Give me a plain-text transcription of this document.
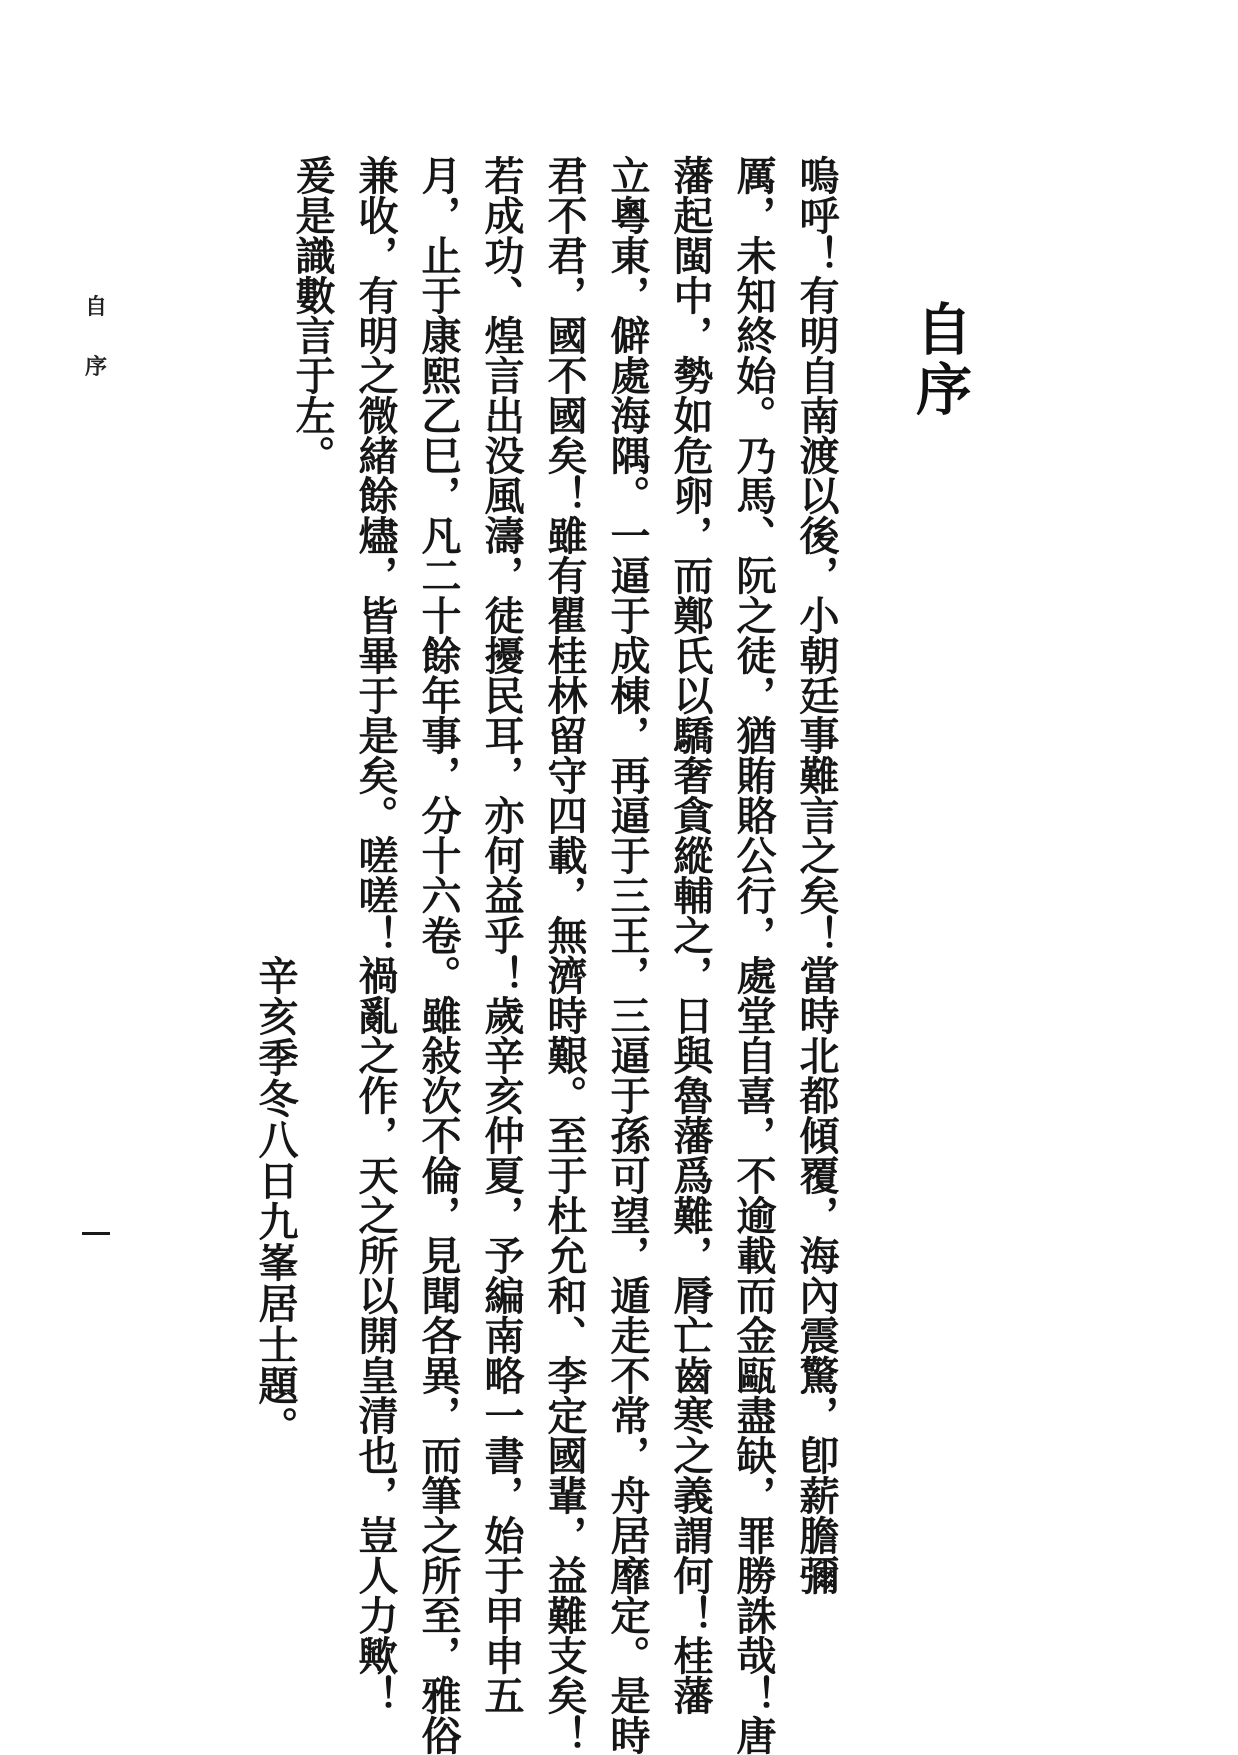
自序
嗚呼！有明自南渡以後，小朝廷事難言之矣！當時北都傾覆，海內震驚，卽薪膽彌
厲，未知終始。乃馬、阮之徒，猶賄賂公行，處堂自喜，不逾載而金甌盡缺，罪勝誅哉！唐
藩起閩中，勢如危卵，而鄭氏以驕奢貪縱輔之，日與魯藩爲難，脣亡齒寒之義謂何！桂藩
立粵東，僻處海隅。一逼于成棟，再逼于三王，三逼于孫可望，遁走不常，舟居靡定。是時
君不君，國不國矣！雖有瞿桂林留守四載，無濟時艱。至于杜允和、李定國輩，益難支矣！
若成功、煌言出没風濤，徒擾民耳，亦何益乎！歲辛亥仲夏，予編南略一書，始于甲申五
月，止于康熙乙巳，凡二十餘年事，分十六卷。雖敍次不倫，見聞各異，而筆之所至，雅俗
兼收，有明之微緒餘燼，皆畢于是矣。嗟嗟！禍亂之作，天之所以開皇清也，豈人力歟！
爰是識數言于左。
辛亥季冬八日九峯居士題。
自
序
